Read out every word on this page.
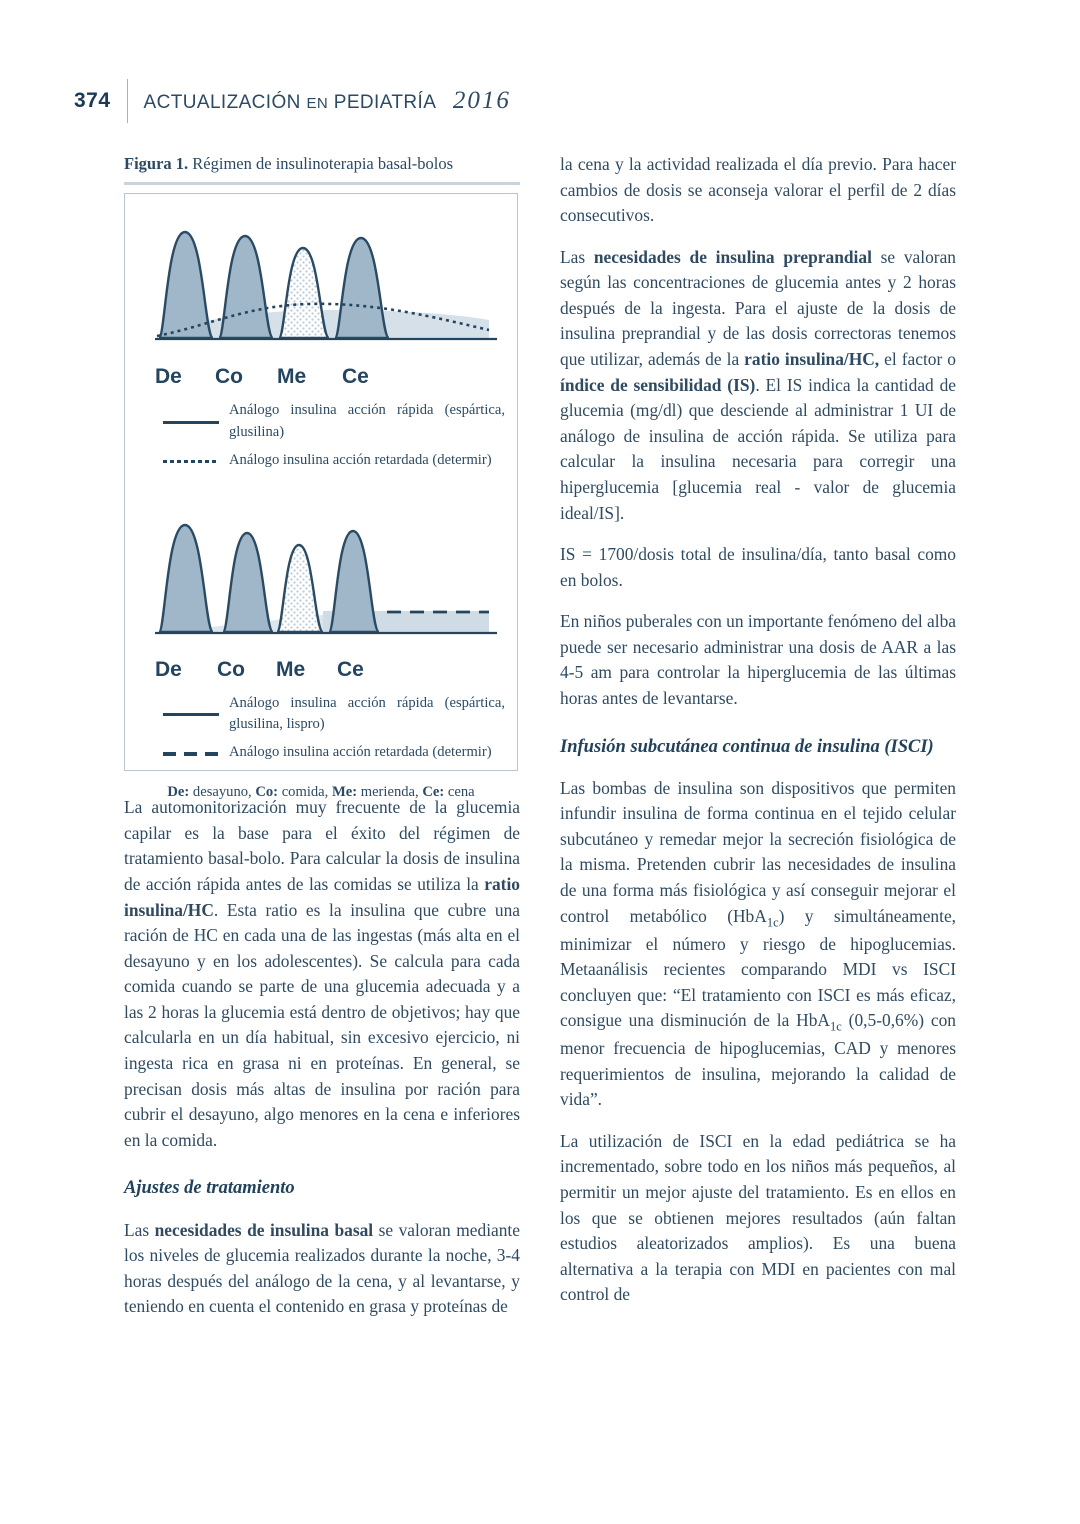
374 ACTUALIZACIÓN EN PEDIATRÍA 2016
Figura 1. Régimen de insulinoterapia basal-bolos
De Co Me Ce
Análogo insulina acción rápida (espártica, glusilina)
Análogo insulina acción retardada (determir)
De Co Me Ce
Análogo insulina acción rápida (espártica, glusilina, lispro)
Análogo insulina acción retardada (determir)
De: desayuno, Co: comida, Me: merienda, Ce: cena

La automonitorización muy frecuente de la glucemia capilar es la base para el éxito del régimen de tratamiento basal-bolo. Para calcular la dosis de insulina de acción rápida antes de las comidas se utiliza la ratio insulina/HC. Esta ratio es la insulina que cubre una ración de HC en cada una de las ingestas (más alta en el desayuno y en los adolescentes). Se calcula para cada comida cuando se parte de una glucemia adecuada y a las 2 horas la glucemia está dentro de objetivos; hay que calcularla en un día habitual, sin excesivo ejercicio, ni ingesta rica en grasa ni en proteínas. En general, se precisan dosis más altas de insulina por ración para cubrir el desayuno, algo menores en la cena e inferiores en la comida.

Ajustes de tratamiento

Las necesidades de insulina basal se valoran mediante los niveles de glucemia realizados durante la noche, 3-4 horas después del análogo de la cena, y al levantarse, y teniendo en cuenta el contenido en grasa y proteínas de

la cena y la actividad realizada el día previo. Para hacer cambios de dosis se aconseja valorar el perfil de 2 días consecutivos.

Las necesidades de insulina preprandial se valoran según las concentraciones de glucemia antes y 2 horas después de la ingesta. Para el ajuste de la dosis de insulina preprandial y de las dosis correctoras tenemos que utilizar, además de la ratio insulina/HC, el factor o índice de sensibilidad (IS). El IS indica la cantidad de glucemia (mg/dl) que desciende al administrar 1 UI de análogo de insulina de acción rápida. Se utiliza para calcular la insulina necesaria para corregir una hiperglucemia [glucemia real - valor de glucemia ideal/IS].

IS = 1700/dosis total de insulina/día, tanto basal como en bolos.

En niños puberales con un importante fenómeno del alba puede ser necesario administrar una dosis de AAR a las 4-5 am para controlar la hiperglucemia de las últimas horas antes de levantarse.

Infusión subcutánea continua de insulina (ISCI)

Las bombas de insulina son dispositivos que permiten infundir insulina de forma continua en el tejido celular subcutáneo y remedar mejor la secreción fisiológica de la misma. Pretenden cubrir las necesidades de insulina de una forma más fisiológica y así conseguir mejorar el control metabólico (HbA$_{1c}$) y simultáneamente, minimizar el número y riesgo de hipoglucemias. Metaanálisis recientes comparando MDI vs ISCI concluyen que: “El tratamiento con ISCI es más eficaz, consigue una disminución de la HbA$_{1c}$ (0,5-0,6%) con menor frecuencia de hipoglucemias, CAD y menores requerimientos de insulina, mejorando la calidad de vida”.

La utilización de ISCI en la edad pediátrica se ha incrementado, sobre todo en los niños más pequeños, al permitir un mejor ajuste del tratamiento. Es en ellos en los que se obtienen mejores resultados (aún faltan estudios aleatorizados amplios). Es una buena alternativa a la terapia con MDI en pacientes con mal control de
